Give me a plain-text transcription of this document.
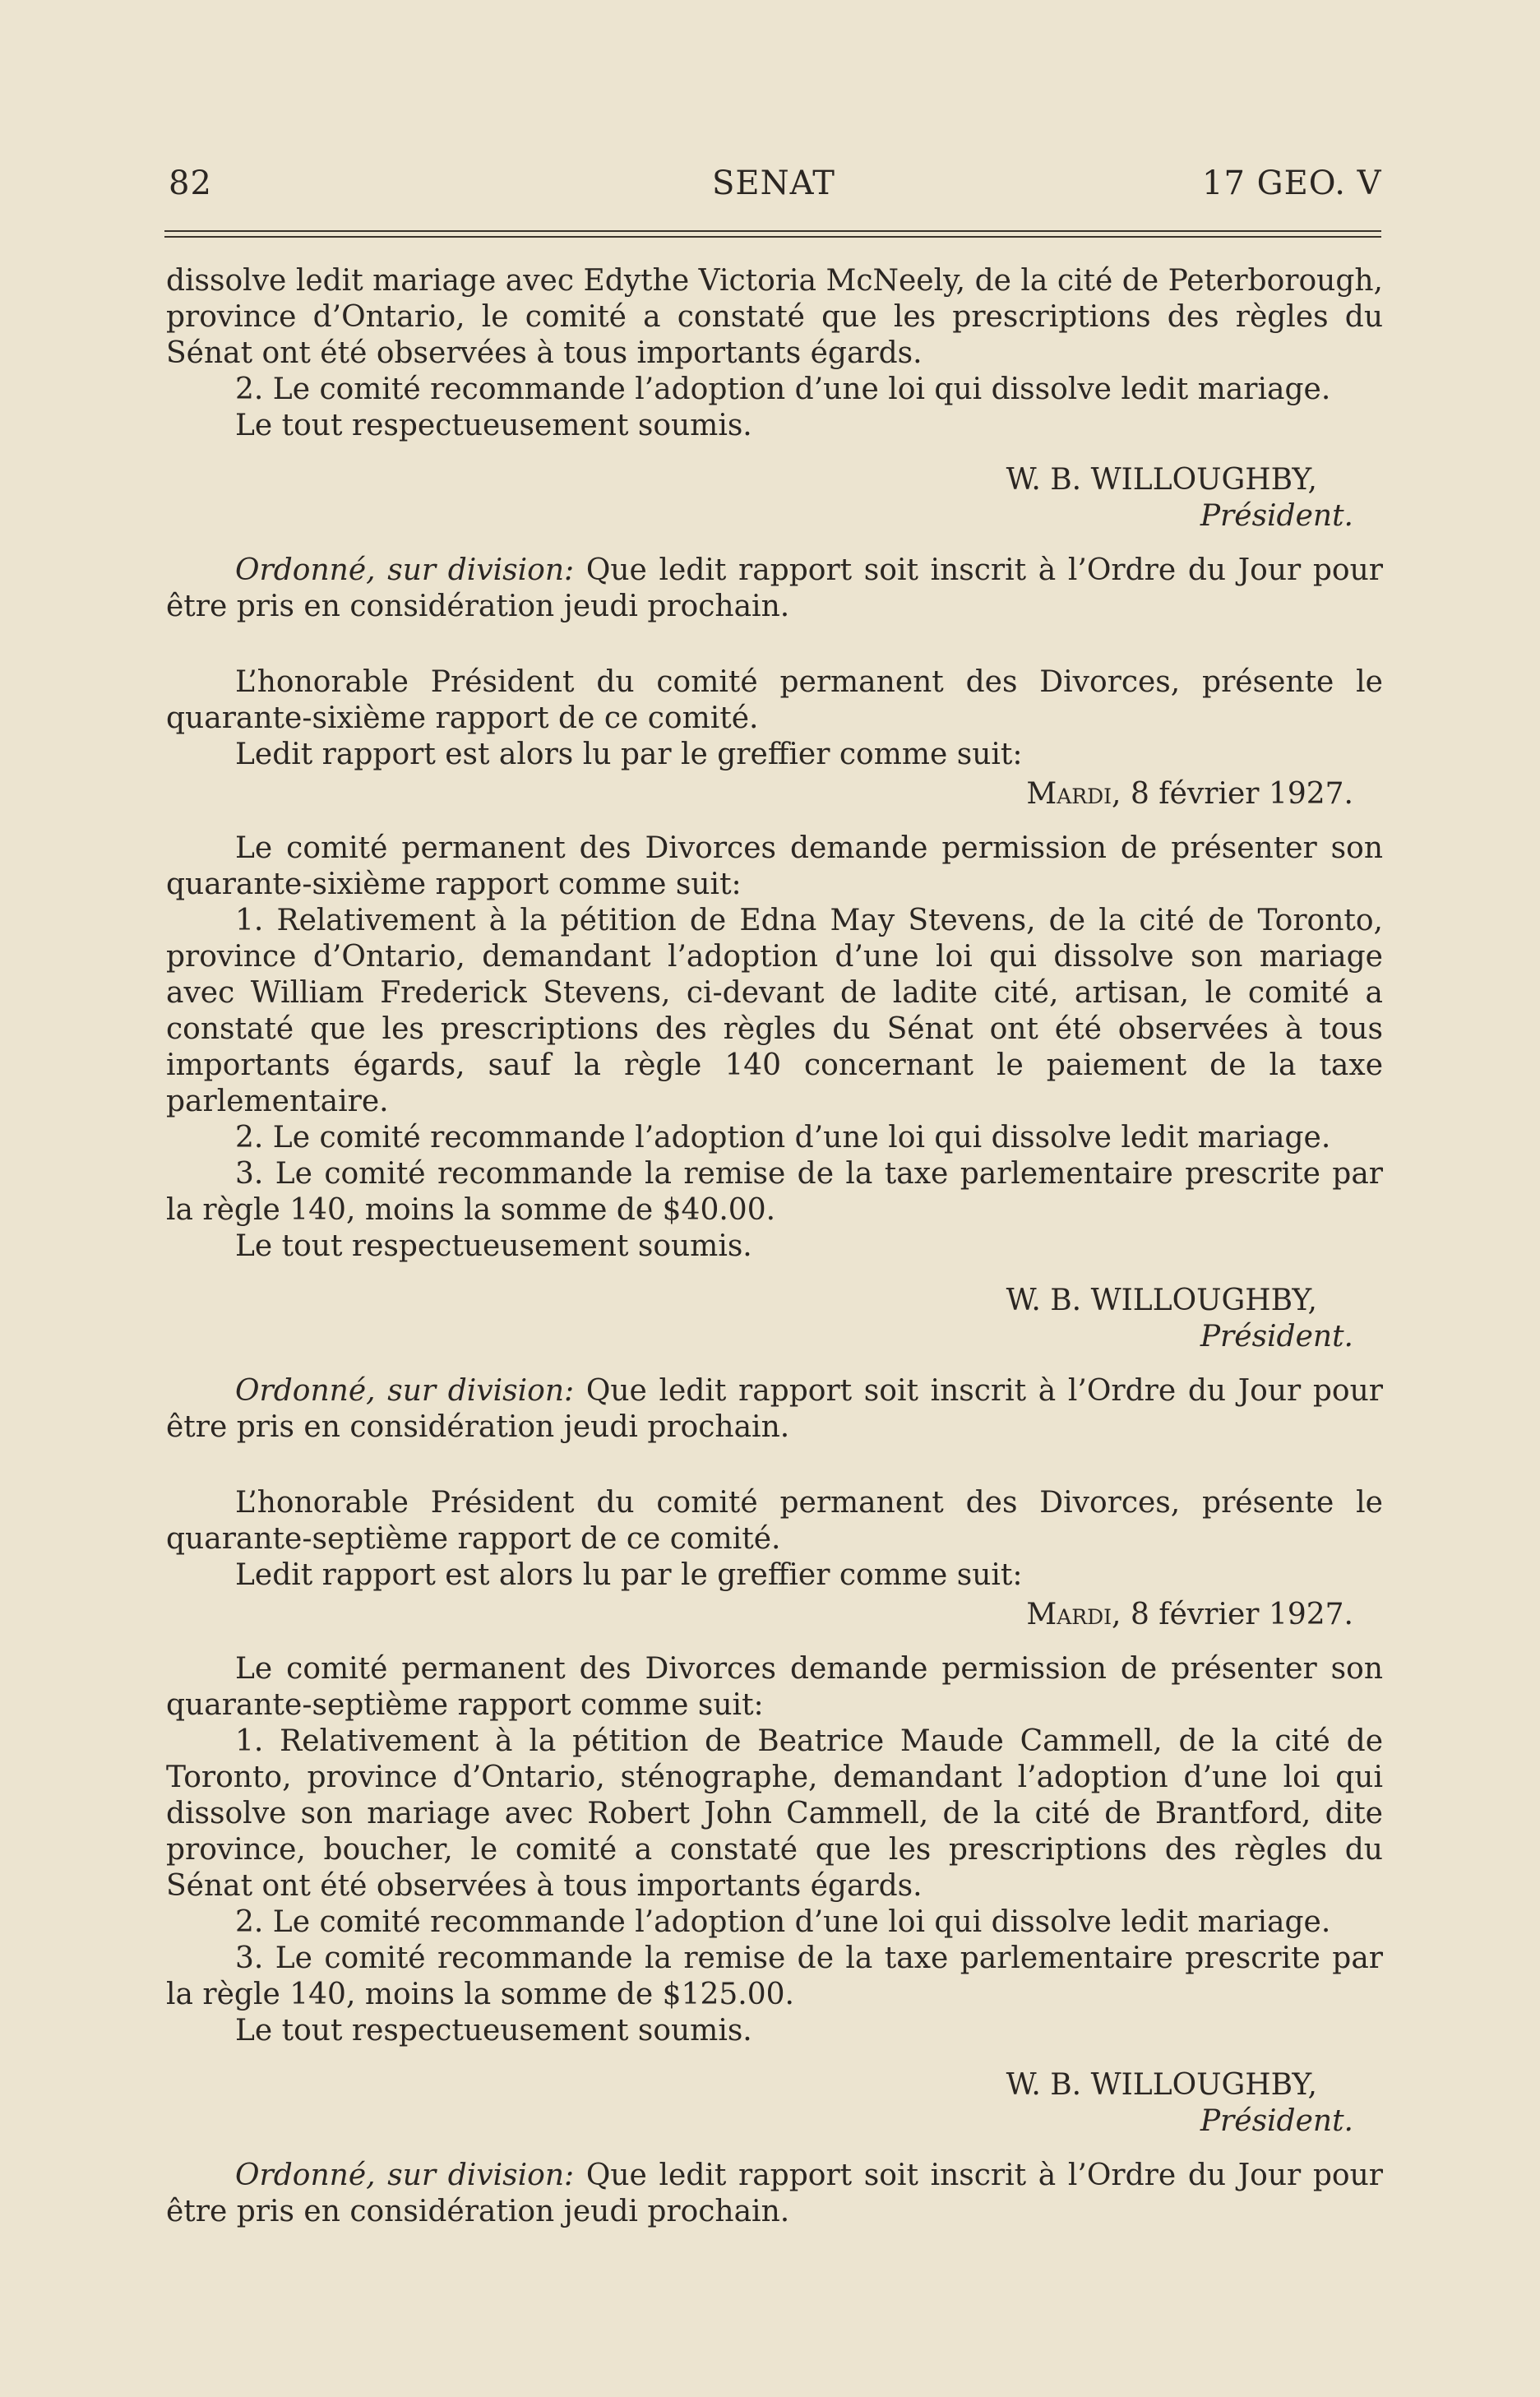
82	SENAT	17 GEO. V

dissolve ledit mariage avec Edythe Victoria McNeely, de la cité de Peterborough, province d’Ontario, le comité a constaté que les prescriptions des règles du Sénat ont été observées à tous importants égards.

2. Le comité recommande l’adoption d’une loi qui dissolve ledit mariage.

Le tout respectueusement soumis.

W. B. WILLOUGHBY,

Président.

Ordonné, sur division: Que ledit rapport soit inscrit à l’Ordre du Jour pour être pris en considération jeudi prochain.

L’honorable Président du comité permanent des Divorces, présente le quarante-sixième rapport de ce comité.

Ledit rapport est alors lu par le greffier comme suit:

Mardi, 8 février 1927.

Le comité permanent des Divorces demande permission de présenter son quarante-sixième rapport comme suit:

1. Relativement à la pétition de Edna May Stevens, de la cité de Toronto, province d’Ontario, demandant l’adoption d’une loi qui dissolve son mariage avec William Frederick Stevens, ci-devant de ladite cité, artisan, le comité a constaté que les prescriptions des règles du Sénat ont été observées à tous importants égards, sauf la règle 140 concernant le paiement de la taxe parlementaire.

2. Le comité recommande l’adoption d’une loi qui dissolve ledit mariage.

3. Le comité recommande la remise de la taxe parlementaire prescrite par la règle 140, moins la somme de $40.00.

Le tout respectueusement soumis.

W. B. WILLOUGHBY,

Président.

Ordonné, sur division: Que ledit rapport soit inscrit à l’Ordre du Jour pour être pris en considération jeudi prochain.

L’honorable Président du comité permanent des Divorces, présente le quarante-septième rapport de ce comité.

Ledit rapport est alors lu par le greffier comme suit:

Mardi, 8 février 1927.

Le comité permanent des Divorces demande permission de présenter son quarante-septième rapport comme suit:

1. Relativement à la pétition de Beatrice Maude Cammell, de la cité de Toronto, province d’Ontario, sténographe, demandant l’adoption d’une loi qui dissolve son mariage avec Robert John Cammell, de la cité de Brantford, dite province, boucher, le comité a constaté que les prescriptions des règles du Sénat ont été observées à tous importants égards.

2. Le comité recommande l’adoption d’une loi qui dissolve ledit mariage.

3. Le comité recommande la remise de la taxe parlementaire prescrite par la règle 140, moins la somme de $125.00.

Le tout respectueusement soumis.

W. B. WILLOUGHBY,

Président.

Ordonné, sur division: Que ledit rapport soit inscrit à l’Ordre du Jour pour être pris en considération jeudi prochain.
